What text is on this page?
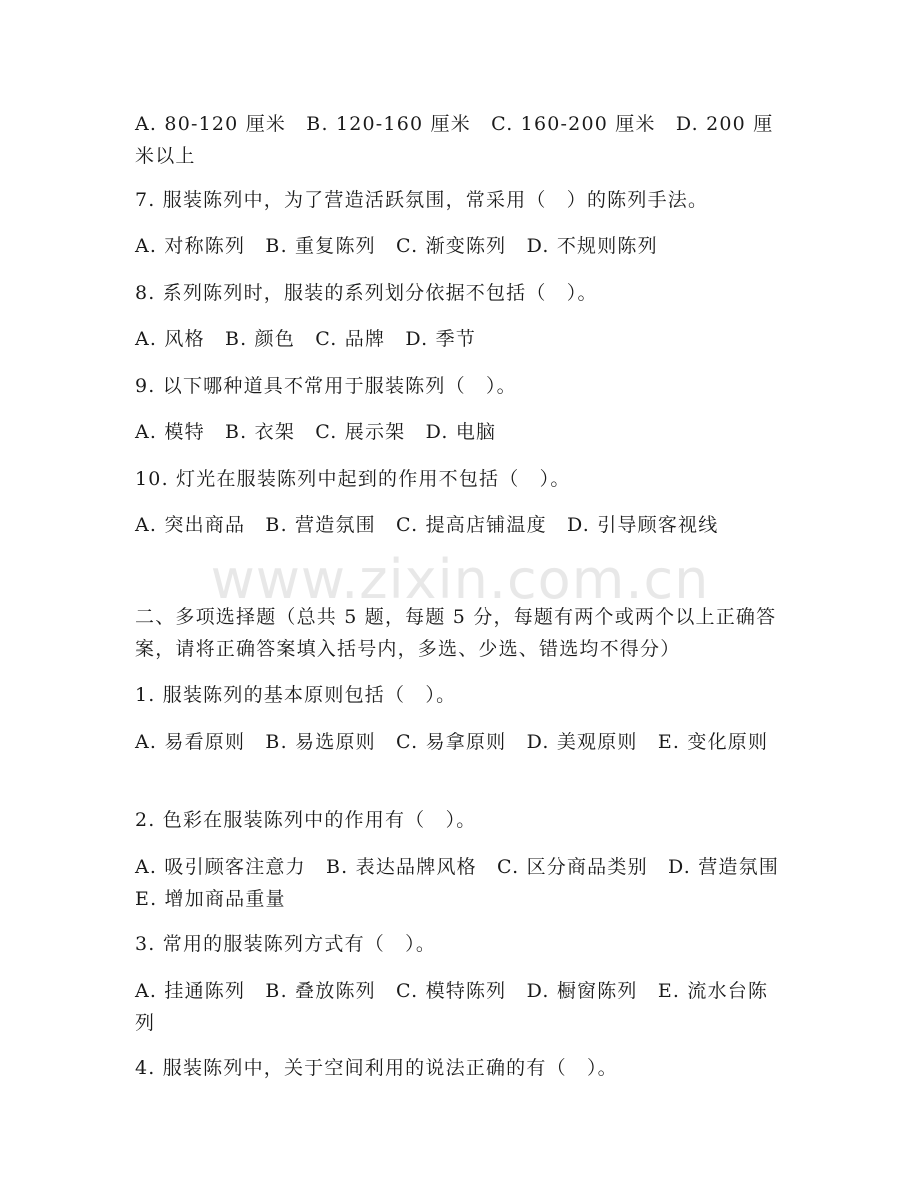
A. 80-120 厘米　B. 120-160 厘米　C. 160-200 厘米　D. 200 厘米以上
7. 服装陈列中，为了营造活跃氛围，常采用（　）的陈列手法。
A. 对称陈列　B. 重复陈列　C. 渐变陈列　D. 不规则陈列
8. 系列陈列时，服装的系列划分依据不包括（　）。
A. 风格　B. 颜色　C. 品牌　D. 季节
9. 以下哪种道具不常用于服装陈列（　）。
A. 模特　B. 衣架　C. 展示架　D. 电脑
10. 灯光在服装陈列中起到的作用不包括（　）。
A. 突出商品　B. 营造氛围　C. 提高店铺温度　D. 引导顾客视线
www.zixin.com.cn
二、多项选择题（总共 5 题，每题 5 分，每题有两个或两个以上正确答案，请将正确答案填入括号内，多选、少选、错选均不得分）
1. 服装陈列的基本原则包括（　）。
A. 易看原则　B. 易选原则　C. 易拿原则　D. 美观原则　E. 变化原则
2. 色彩在服装陈列中的作用有（　）。
A. 吸引顾客注意力　B. 表达品牌风格　C. 区分商品类别　D. 营造氛围　E. 增加商品重量
3. 常用的服装陈列方式有（　）。
A. 挂通陈列　B. 叠放陈列　C. 模特陈列　D. 橱窗陈列　E. 流水台陈列
4. 服装陈列中，关于空间利用的说法正确的有（　）。
